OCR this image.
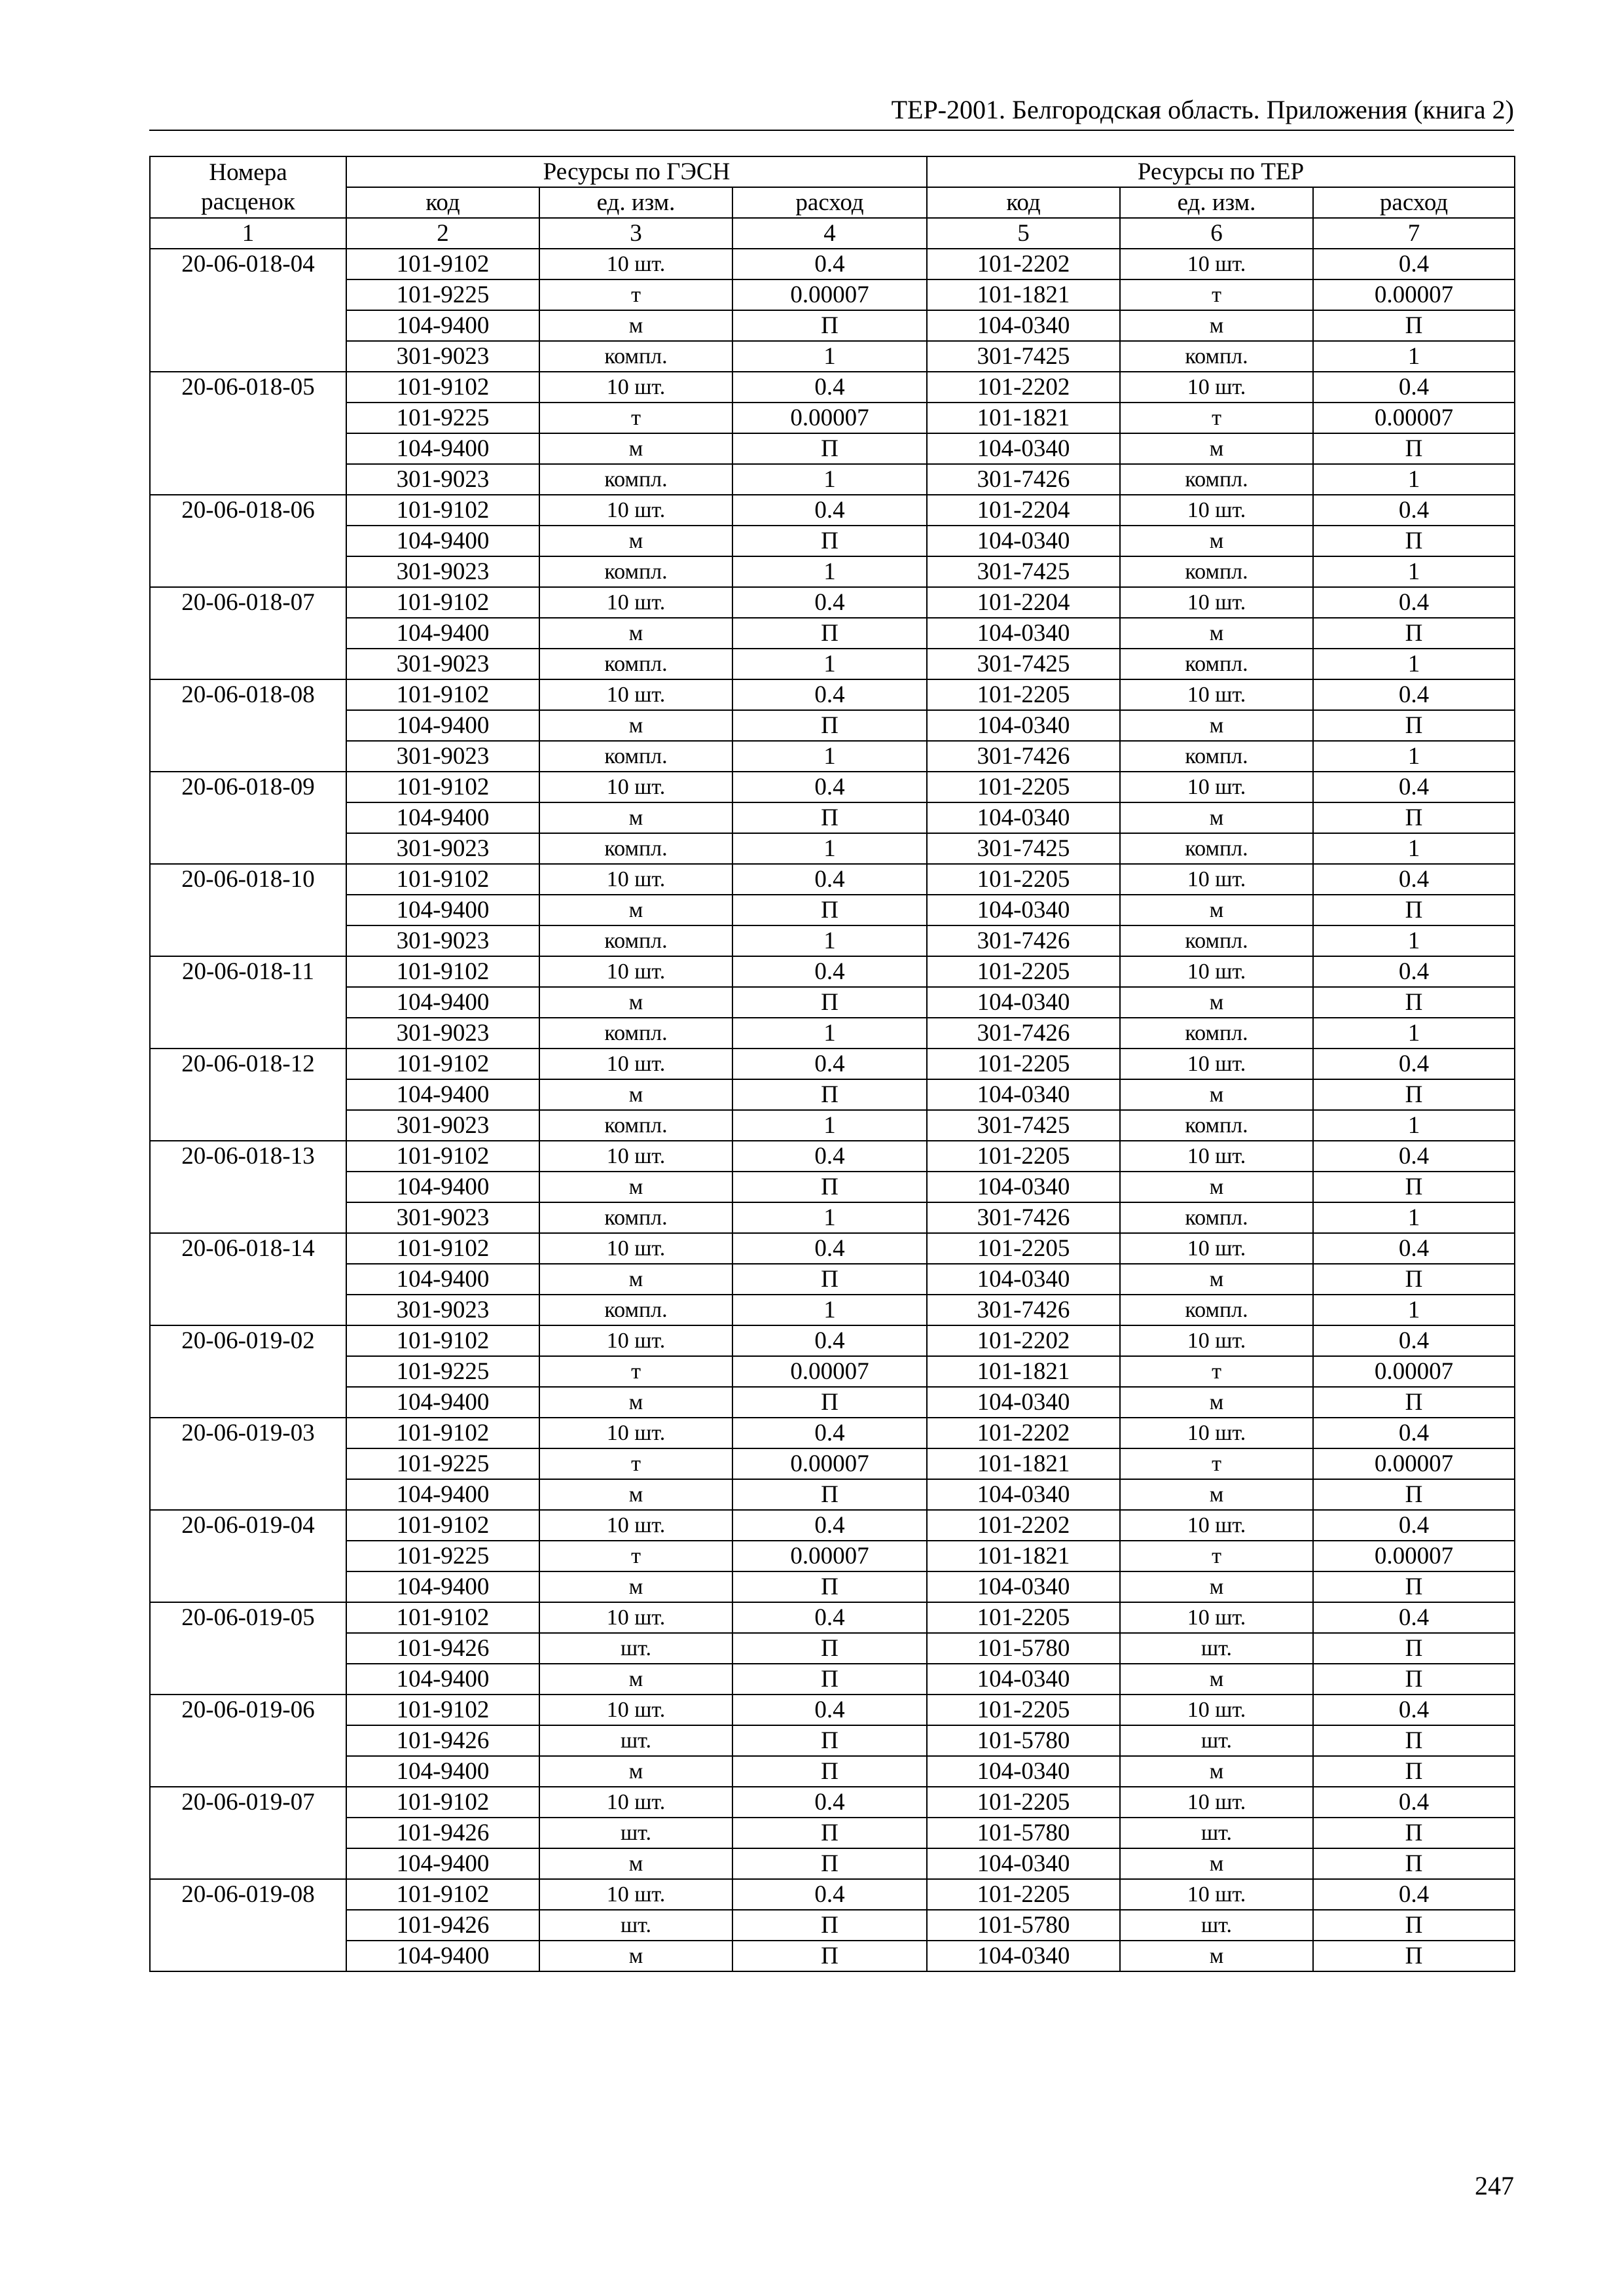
ТЕР-2001. Белгородская область. Приложения (книга 2)
Номера расценок	Ресурсы по ГЭСН			Ресурсы по ТЕР		
	код	ед. изм.	расход	код	ед. изм.	расход
1	2	3	4	5	6	7
20-06-018-04	101-9102	10 шт.	0.4	101-2202	10 шт.	0.4
	101-9225	т	0.00007	101-1821	т	0.00007
	104-9400	м	П	104-0340	м	П
	301-9023	компл.	1	301-7425	компл.	1
20-06-018-05	101-9102	10 шт.	0.4	101-2202	10 шт.	0.4
	101-9225	т	0.00007	101-1821	т	0.00007
	104-9400	м	П	104-0340	м	П
	301-9023	компл.	1	301-7426	компл.	1
20-06-018-06	101-9102	10 шт.	0.4	101-2204	10 шт.	0.4
	104-9400	м	П	104-0340	м	П
	301-9023	компл.	1	301-7425	компл.	1
20-06-018-07	101-9102	10 шт.	0.4	101-2204	10 шт.	0.4
	104-9400	м	П	104-0340	м	П
	301-9023	компл.	1	301-7425	компл.	1
20-06-018-08	101-9102	10 шт.	0.4	101-2205	10 шт.	0.4
	104-9400	м	П	104-0340	м	П
	301-9023	компл.	1	301-7426	компл.	1
20-06-018-09	101-9102	10 шт.	0.4	101-2205	10 шт.	0.4
	104-9400	м	П	104-0340	м	П
	301-9023	компл.	1	301-7425	компл.	1
20-06-018-10	101-9102	10 шт.	0.4	101-2205	10 шт.	0.4
	104-9400	м	П	104-0340	м	П
	301-9023	компл.	1	301-7426	компл.	1
20-06-018-11	101-9102	10 шт.	0.4	101-2205	10 шт.	0.4
	104-9400	м	П	104-0340	м	П
	301-9023	компл.	1	301-7426	компл.	1
20-06-018-12	101-9102	10 шт.	0.4	101-2205	10 шт.	0.4
	104-9400	м	П	104-0340	м	П
	301-9023	компл.	1	301-7425	компл.	1
20-06-018-13	101-9102	10 шт.	0.4	101-2205	10 шт.	0.4
	104-9400	м	П	104-0340	м	П
	301-9023	компл.	1	301-7426	компл.	1
20-06-018-14	101-9102	10 шт.	0.4	101-2205	10 шт.	0.4
	104-9400	м	П	104-0340	м	П
	301-9023	компл.	1	301-7426	компл.	1
20-06-019-02	101-9102	10 шт.	0.4	101-2202	10 шт.	0.4
	101-9225	т	0.00007	101-1821	т	0.00007
	104-9400	м	П	104-0340	м	П
20-06-019-03	101-9102	10 шт.	0.4	101-2202	10 шт.	0.4
	101-9225	т	0.00007	101-1821	т	0.00007
	104-9400	м	П	104-0340	м	П
20-06-019-04	101-9102	10 шт.	0.4	101-2202	10 шт.	0.4
	101-9225	т	0.00007	101-1821	т	0.00007
	104-9400	м	П	104-0340	м	П
20-06-019-05	101-9102	10 шт.	0.4	101-2205	10 шт.	0.4
	101-9426	шт.	П	101-5780	шт.	П
	104-9400	м	П	104-0340	м	П
20-06-019-06	101-9102	10 шт.	0.4	101-2205	10 шт.	0.4
	101-9426	шт.	П	101-5780	шт.	П
	104-9400	м	П	104-0340	м	П
20-06-019-07	101-9102	10 шт.	0.4	101-2205	10 шт.	0.4
	101-9426	шт.	П	101-5780	шт.	П
	104-9400	м	П	104-0340	м	П
20-06-019-08	101-9102	10 шт.	0.4	101-2205	10 шт.	0.4
	101-9426	шт.	П	101-5780	шт.	П
	104-9400	м	П	104-0340	м	П
247
